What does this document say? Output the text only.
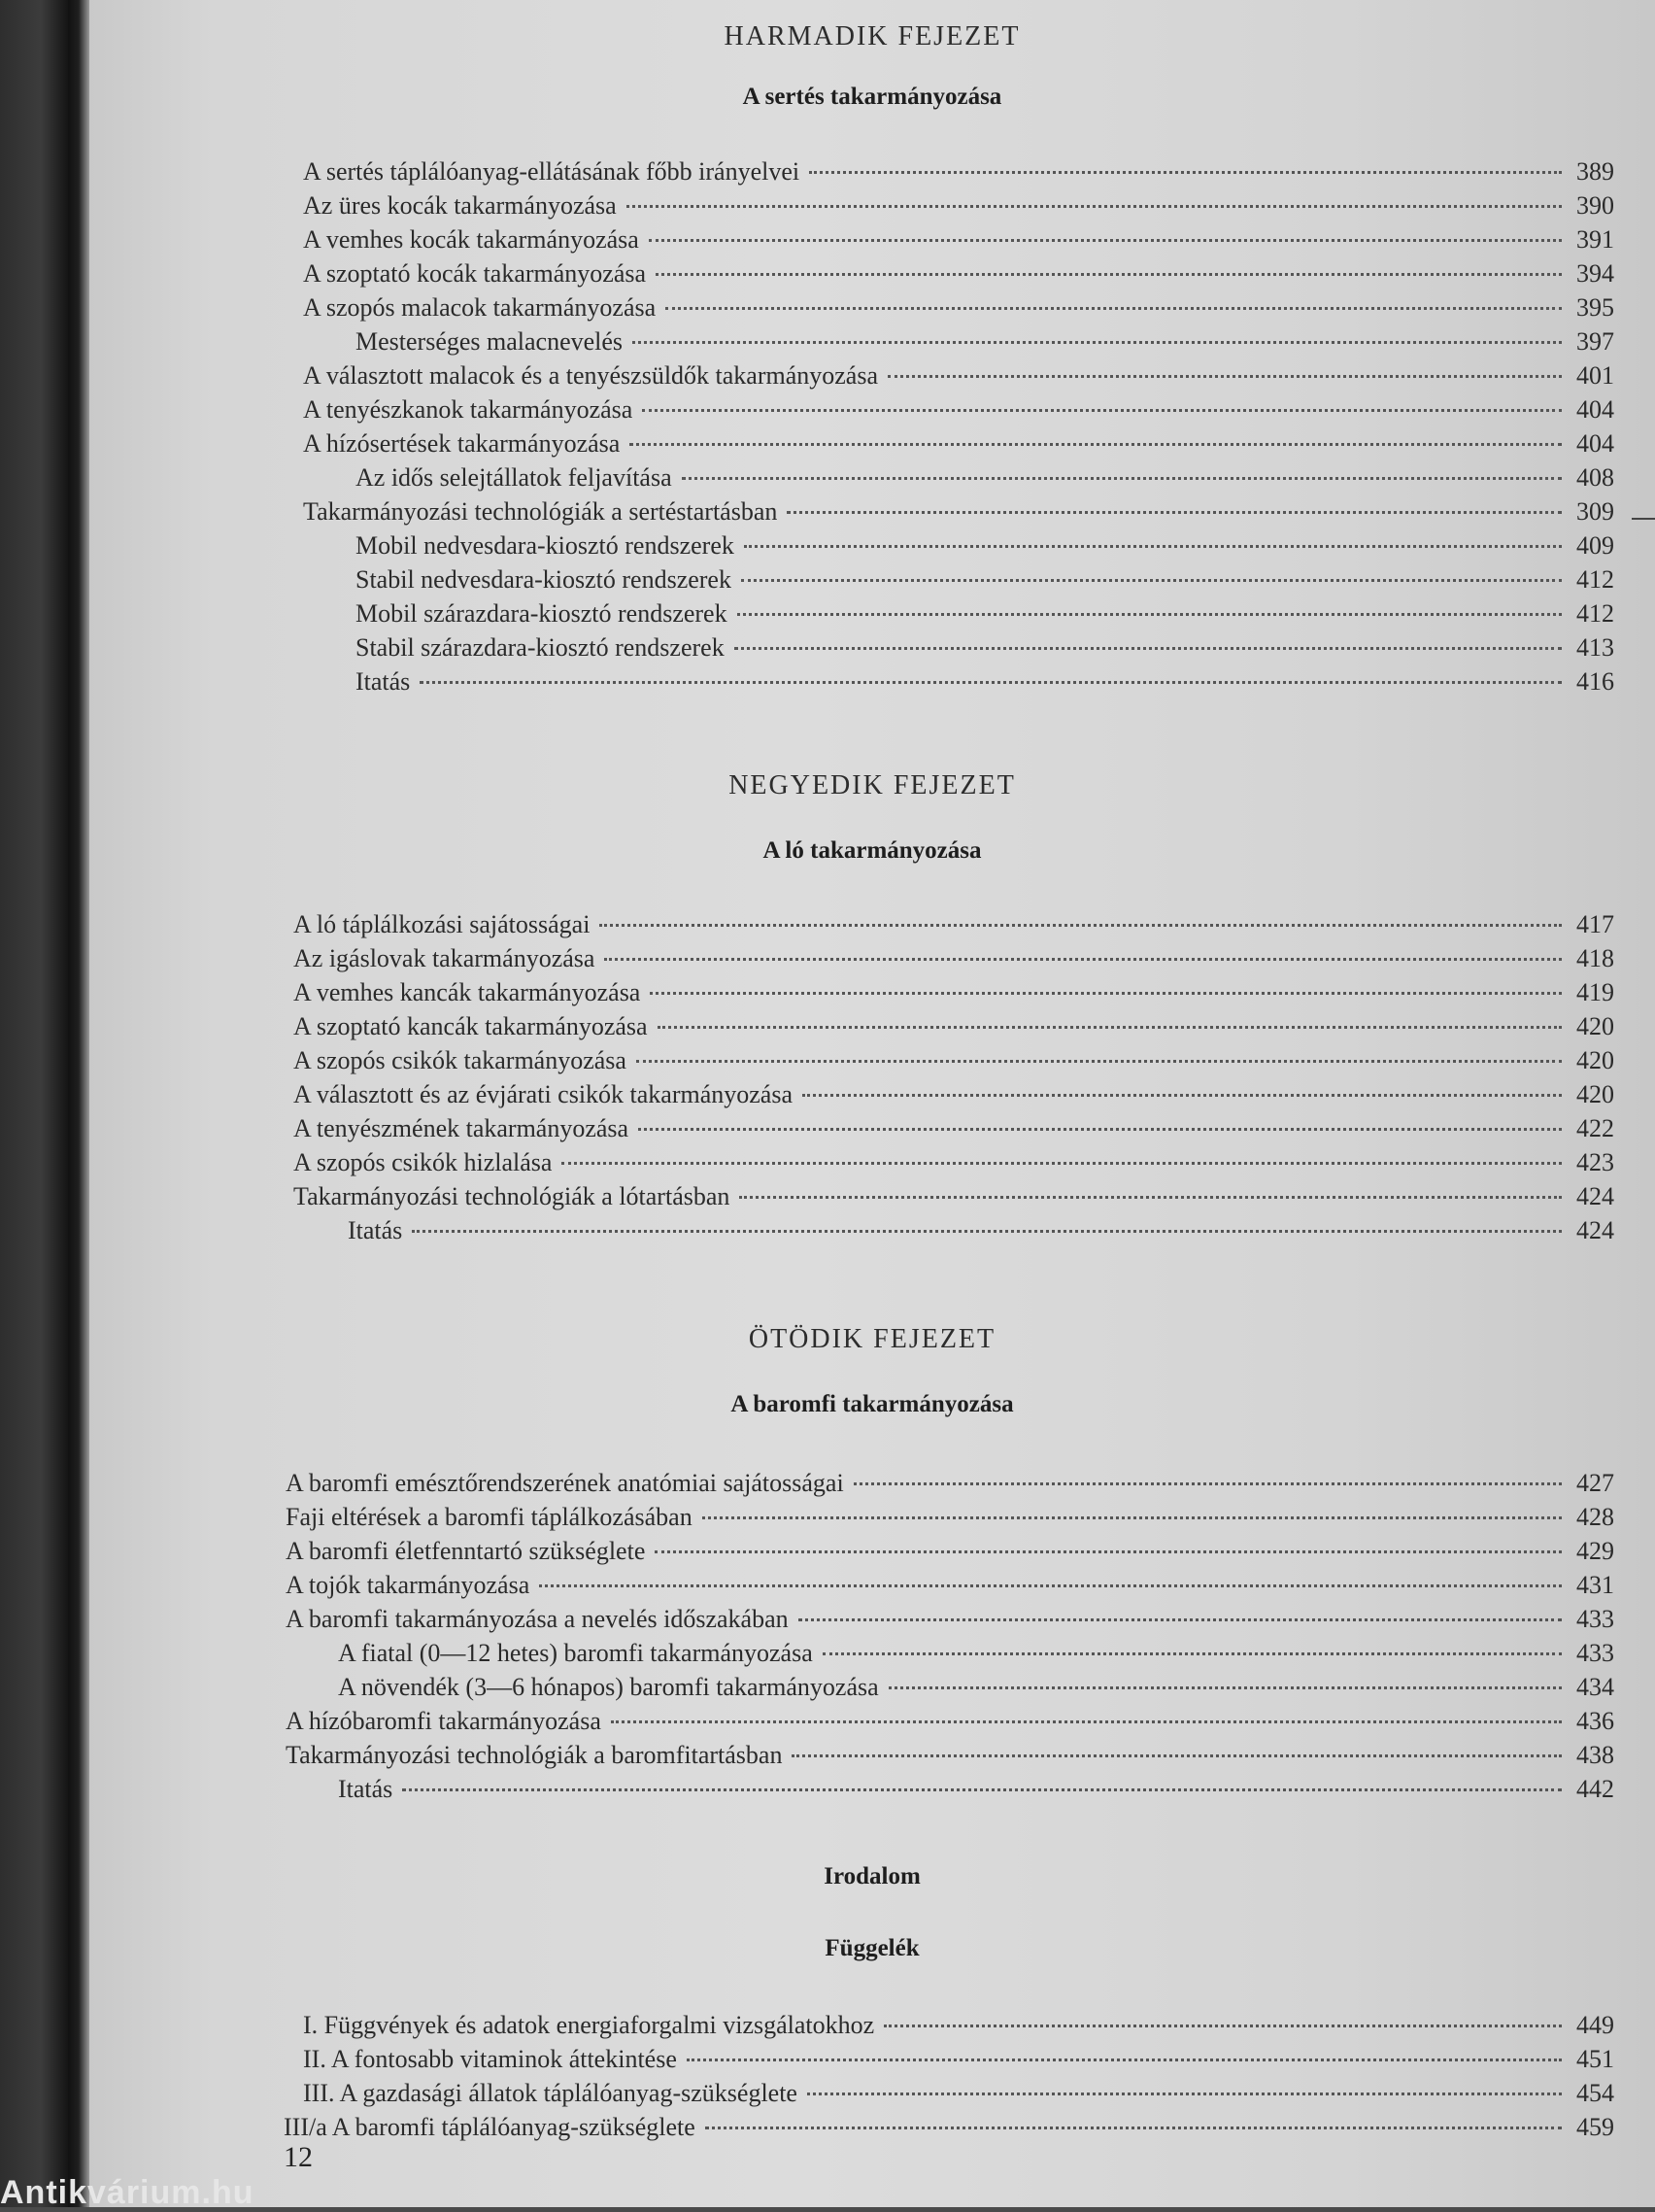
HARMADIK FEJEZET
A sertés takarmányozása
A sertés táplálóanyag-ellátásának főbb irányelvei	389
Az üres kocák takarmányozása	390
A vemhes kocák takarmányozása	391
A szoptató kocák takarmányozása	394
A szopós malacok takarmányozása	395
Mesterséges malacnevelés	397
A választott malacok és a tenyészsüldők takarmányozása	401
A tenyészkanok takarmányozása	404
A hízósertések takarmányozása	404
Az idős selejtállatok feljavítása	408
Takarmányozási technológiák a sertéstartásban	309
Mobil nedvesdara-kiosztó rendszerek	409
Stabil nedvesdara-kiosztó rendszerek	412
Mobil szárazdara-kiosztó rendszerek	412
Stabil szárazdara-kiosztó rendszerek	413
Itatás	416
NEGYEDIK FEJEZET
A ló takarmányozása
A ló táplálkozási sajátosságai	417
Az igáslovak takarmányozása	418
A vemhes kancák takarmányozása	419
A szoptató kancák takarmányozása	420
A szopós csikók takarmányozása	420
A választott és az évjárati csikók takarmányozása	420
A tenyészmének takarmányozása	422
A szopós csikók hizlalása	423
Takarmányozási technológiák a lótartásban	424
Itatás	424
ÖTÖDIK FEJEZET
A baromfi takarmányozása
A baromfi emésztőrendszerének anatómiai sajátosságai	427
Faji eltérések a baromfi táplálkozásában	428
A baromfi életfenntartó szükséglete	429
A tojók takarmányozása	431
A baromfi takarmányozása a nevelés időszakában	433
A fiatal (0—12 hetes) baromfi takarmányozása	433
A növendék (3—6 hónapos) baromfi takarmányozása	434
A hízóbaromfi takarmányozása	436
Takarmányozási technológiák a baromfitartásban	438
Itatás	442
Irodalom
Függelék
I. Függvények és adatok energiaforgalmi vizsgálatokhoz	449
II. A fontosabb vitaminok áttekintése	451
III. A gazdasági állatok táplálóanyag-szükséglete	454
III/a A baromfi táplálóanyag-szükséglete	459
12
Antikvárium.hu
